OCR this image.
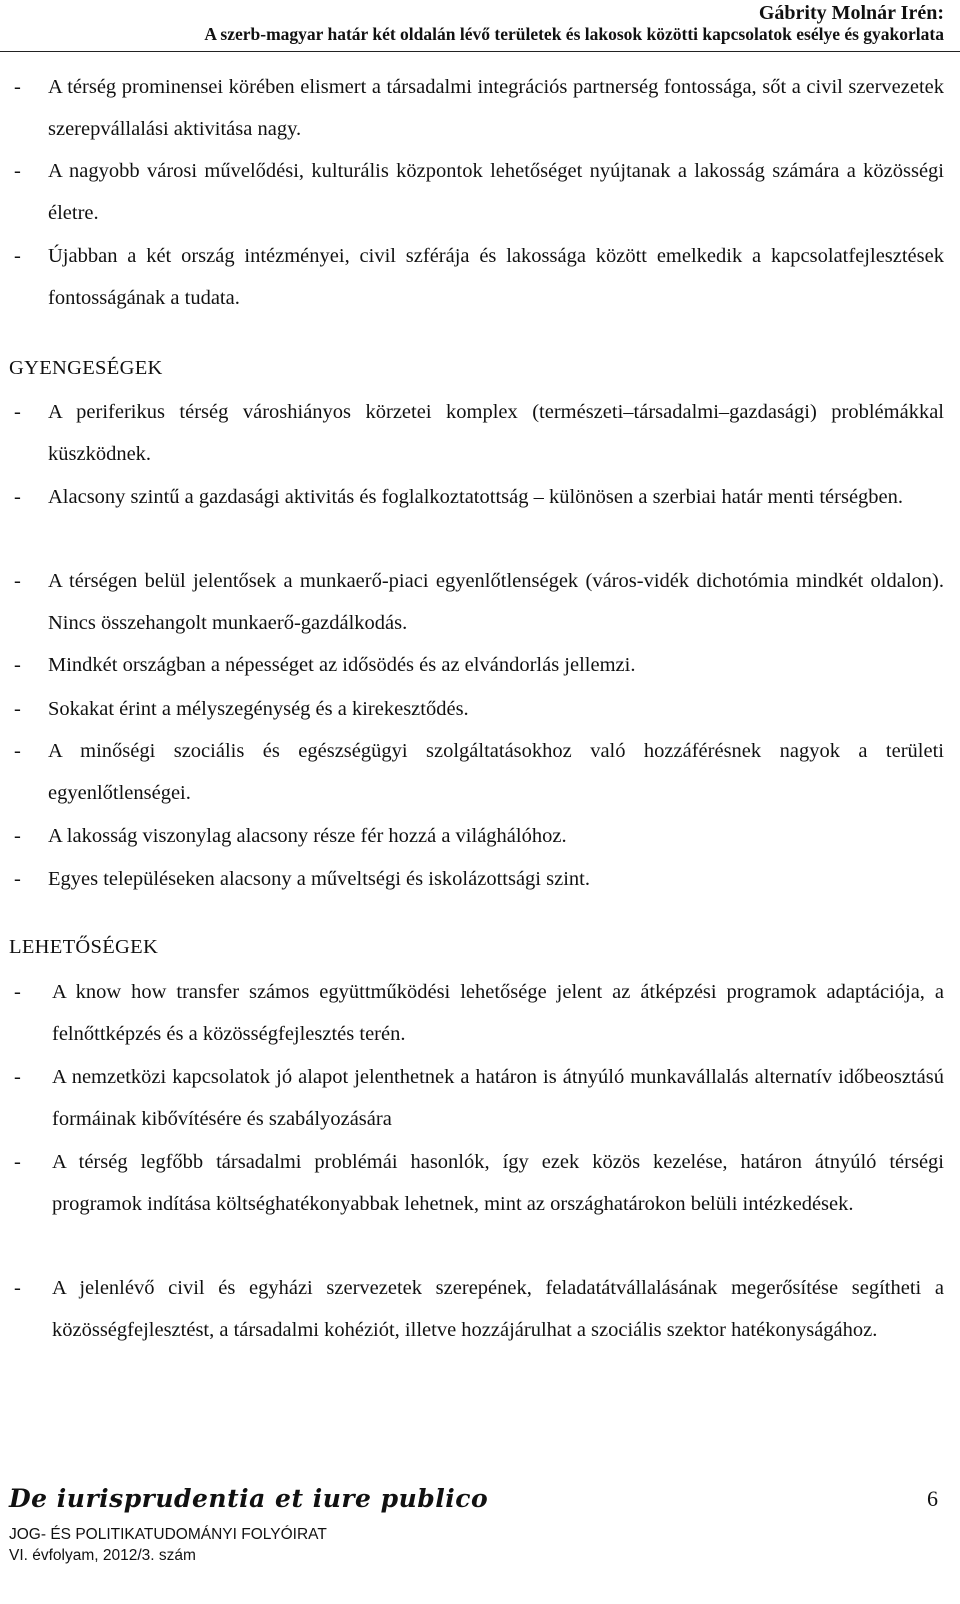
Gábrity Molnár Irén:
A szerb-magyar határ két oldalán lévő területek és lakosok közötti kapcsolatok esélye és gyakorlata
- A térség prominensei körében elismert a társadalmi integrációs partnerség fontossága, sőt a civil szervezetek szerepvállalási aktivitása nagy.
- A nagyobb városi művelődési, kulturális központok lehetőséget nyújtanak a lakosság számára a közösségi életre.
- Újabban a két ország intézményei, civil szférája és lakossága között emelkedik a kapcsolatfejlesztések fontosságának a tudata.
GYENGESÉGEK
- A periferikus térség városhiányos körzetei komplex (természeti–társadalmi–gazdasági) problémákkal küszködnek.
- Alacsony szintű a gazdasági aktivitás és foglalkoztatottság – különösen a szerbiai határ menti térségben.
- A térségen belül jelentősek a munkaerő-piaci egyenlőtlenségek (város-vidék dichotómia mindkét oldalon). Nincs összehangolt munkaerő-gazdálkodás.
- Mindkét országban a népességet az idősödés és az elvándorlás jellemzi.
- Sokakat érint a mélyszegénység és a kirekesztődés.
- A minőségi szociális és egészségügyi szolgáltatásokhoz való hozzáférésnek nagyok a területi egyenlőtlenségei.
- A lakosság viszonylag alacsony része fér hozzá a világhálóhoz.
- Egyes településeken alacsony a műveltségi és iskolázottsági szint.
LEHETŐSÉGEK
- A know how transfer számos együttműködési lehetősége jelent az átképzési programok adaptációja, a felnőttképzés és a közösségfejlesztés terén.
- A nemzetközi kapcsolatok jó alapot jelenthetnek a határon is átnyúló munkavállalás alternatív időbeosztású formáinak kibővítésére és szabályozására
- A térség legfőbb társadalmi problémái hasonlók, így ezek közös kezelése, határon átnyúló térségi programok indítása költséghatékonyabbak lehetnek, mint az országhatárokon belüli intézkedések.
- A jelenlévő civil és egyházi szervezetek szerepének, feladatátvállalásának megerősítése segítheti a közösségfejlesztést, a társadalmi kohéziót, illetve hozzájárulhat a szociális szektor hatékonyságához.
De iurisprudentia et iure publico	6
JOG- ÉS POLITIKATUDOMÁNYI FOLYÓIRAT
VI. évfolyam, 2012/3. szám
